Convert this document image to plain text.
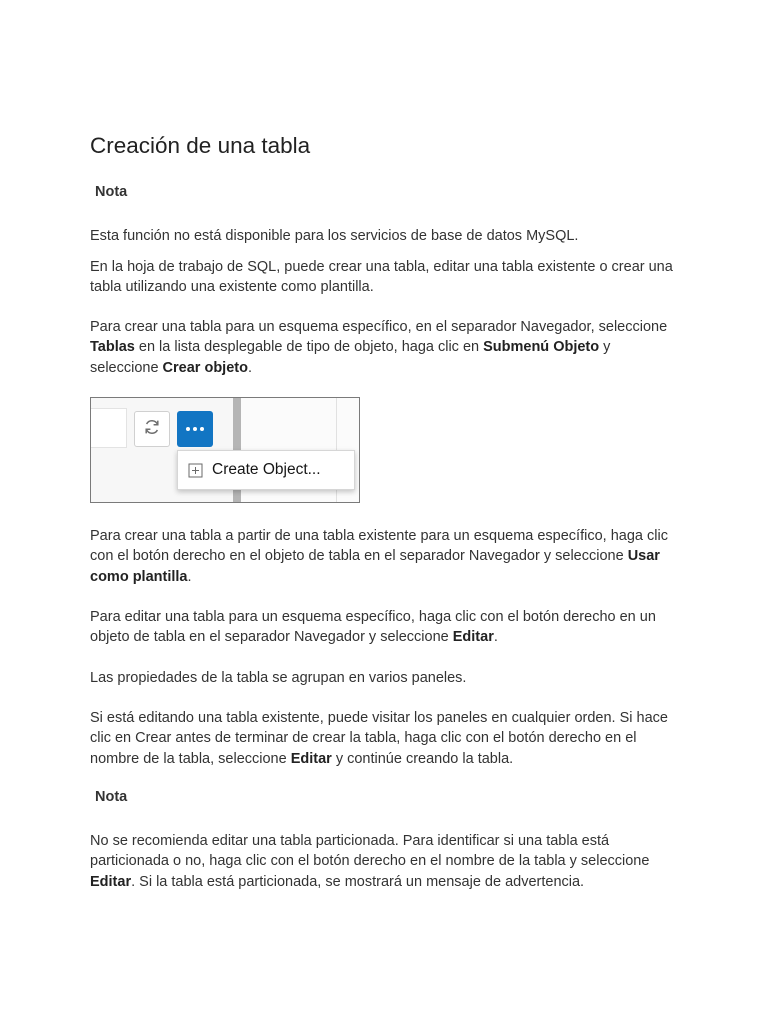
Creación de una tabla
Nota

Esta función no está disponible para los servicios de base de datos MySQL.

En la hoja de trabajo de SQL, puede crear una tabla, editar una tabla existente o crear una tabla utilizando una existente como plantilla.

Para crear una tabla para un esquema específico, en el separador Navegador, seleccione Tablas en la lista desplegable de tipo de objeto, haga clic en Submenú Objeto y seleccione Crear objeto.

Create Object...

Para crear una tabla a partir de una tabla existente para un esquema específico, haga clic con el botón derecho en el objeto de tabla en el separador Navegador y seleccione Usar como plantilla.

Para editar una tabla para un esquema específico, haga clic con el botón derecho en un objeto de tabla en el separador Navegador y seleccione Editar.

Las propiedades de la tabla se agrupan en varios paneles.

Si está editando una tabla existente, puede visitar los paneles en cualquier orden. Si hace clic en Crear antes de terminar de crear la tabla, haga clic con el botón derecho en el nombre de la tabla, seleccione Editar y continúe creando la tabla.

Nota

No se recomienda editar una tabla particionada. Para identificar si una tabla está particionada o no, haga clic con el botón derecho en el nombre de la tabla y seleccione Editar. Si la tabla está particionada, se mostrará un mensaje de advertencia.
